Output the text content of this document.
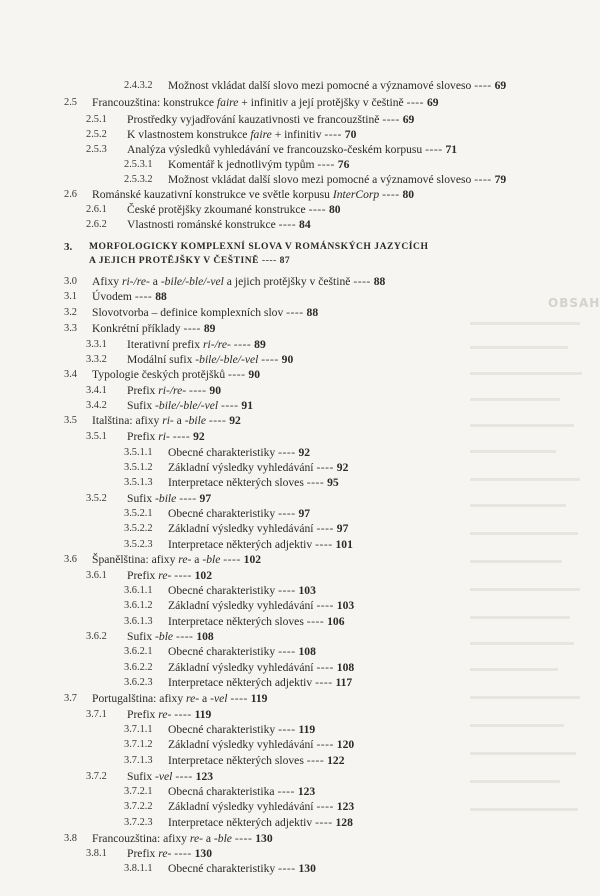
OBSAH
2.4.3.2 Možnost vkládat další slovo mezi pomocné a významové sloveso ---- 69
2.5 Francouzština: konstrukce faire + infinitiv a její protějšky v češtině ---- 69
2.5.1 Prostředky vyjadřování kauzativnosti ve francouzštině ---- 69
2.5.2 K vlastnostem konstrukce faire + infinitiv ---- 70
2.5.3 Analýza výsledků vyhledávání ve francouzsko-českém korpusu ---- 71
2.5.3.1 Komentář k jednotlivým typům ---- 76
2.5.3.2 Možnost vkládat další slovo mezi pomocné a významové sloveso ---- 79
2.6 Románské kauzativní konstrukce ve světle korpusu InterCorp ---- 80
2.6.1 České protějšky zkoumané konstrukce ---- 80
2.6.2 Vlastnosti románské konstrukce ---- 84
3.0 Afixy ri-/re- a -bile/-ble/-vel a jejich protějšky v češtině ---- 88
3.1 Úvodem ---- 88
3.2 Slovotvorba – definice komplexních slov ---- 88
3.3 Konkrétní příklady ---- 89
3.3.1 Iterativní prefix ri-/re- ---- 89
3.3.2 Modální sufix -bile/-ble/-vel ---- 90
3.4 Typologie českých protějšků ---- 90
3.4.1 Prefix ri-/re- ---- 90
3.4.2 Sufix -bile/-ble/-vel ---- 91
3.5 Italština: afixy ri- a -bile ---- 92
3.5.1 Prefix ri- ---- 92
3.5.1.1 Obecné charakteristiky ---- 92
3.5.1.2 Základní výsledky vyhledávání ---- 92
3.5.1.3 Interpretace některých sloves ---- 95
3.5.2 Sufix -bile ---- 97
3.5.2.1 Obecné charakteristiky ---- 97
3.5.2.2 Základní výsledky vyhledávání ---- 97
3.5.2.3 Interpretace některých adjektiv ---- 101
3.6 Španělština: afixy re- a -ble ---- 102
3.6.1 Prefix re- ---- 102
3.6.1.1 Obecné charakteristiky ---- 103
3.6.1.2 Základní výsledky vyhledávání ---- 103
3.6.1.3 Interpretace některých sloves ---- 106
3.6.2 Sufix -ble ---- 108
3.6.2.1 Obecné charakteristiky ---- 108
3.6.2.2 Základní výsledky vyhledávání ---- 108
3.6.2.3 Interpretace některých adjektiv ---- 117
3.7 Portugalština: afixy re- a -vel ---- 119
3.7.1 Prefix re- ---- 119
3.7.1.1 Obecné charakteristiky ---- 119
3.7.1.2 Základní výsledky vyhledávání ---- 120
3.7.1.3 Interpretace některých sloves ---- 122
3.7.2 Sufix -vel ---- 123
3.7.2.1 Obecná charakteristika ---- 123
3.7.2.2 Základní výsledky vyhledávání ---- 123
3.7.2.3 Interpretace některých adjektiv ---- 128
3.8 Francouzština: afixy re- a -ble ---- 130
3.8.1 Prefix re- ---- 130
3.8.1.1 Obecné charakteristiky ---- 130
3. MORFOLOGICKY KOMPLEXNÍ SLOVA V ROMÁNSKÝCH JAZYCÍCH
A JEJICH PROTĚJŠKY V ČEŠTINĚ ---- 87
